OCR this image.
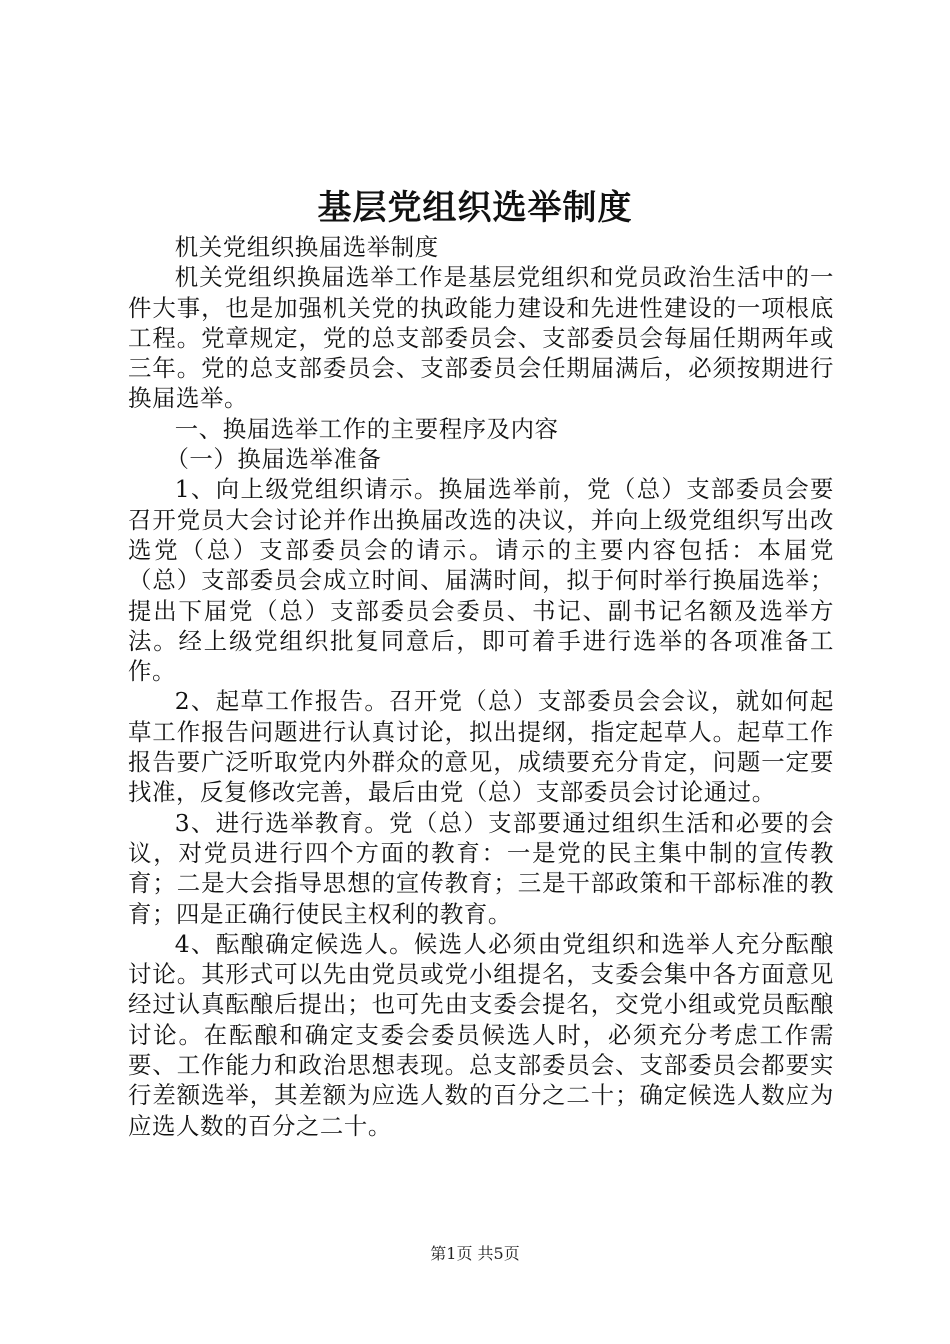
基层党组织选举制度

机关党组织换届选举制度

机关党组织换届选举工作是基层党组织和党员政治生活中的一件大事，也是加强机关党的执政能力建设和先进性建设的一项根底工程。党章规定，党的总支部委员会、支部委员会每届任期两年或三年。党的总支部委员会、支部委员会任期届满后，必须按期进行换届选举。

一、换届选举工作的主要程序及内容

（一）换届选举准备

1、向上级党组织请示。换届选举前，党（总）支部委员会要召开党员大会讨论并作出换届改选的决议，并向上级党组织写出改选党（总）支部委员会的请示。请示的主要内容包括：本届党（总）支部委员会成立时间、届满时间，拟于何时举行换届选举；提出下届党（总）支部委员会委员、书记、副书记名额及选举方法。经上级党组织批复同意后，即可着手进行选举的各项准备工作。

2、起草工作报告。召开党（总）支部委员会会议，就如何起草工作报告问题进行认真讨论，拟出提纲，指定起草人。起草工作报告要广泛听取党内外群众的意见，成绩要充分肯定，问题一定要找准，反复修改完善，最后由党（总）支部委员会讨论通过。

3、进行选举教育。党（总）支部要通过组织生活和必要的会议，对党员进行四个方面的教育：一是党的民主集中制的宣传教育；二是大会指导思想的宣传教育；三是干部政策和干部标准的教育；四是正确行使民主权利的教育。

4、酝酿确定候选人。候选人必须由党组织和选举人充分酝酿讨论。其形式可以先由党员或党小组提名，支委会集中各方面意见经过认真酝酿后提出；也可先由支委会提名，交党小组或党员酝酿讨论。在酝酿和确定支委会委员候选人时，必须充分考虑工作需要、工作能力和政治思想表现。总支部委员会、支部委员会都要实行差额选举，其差额为应选人数的百分之二十；确定候选人数应为应选人数的百分之二十。

第1页 共5页
